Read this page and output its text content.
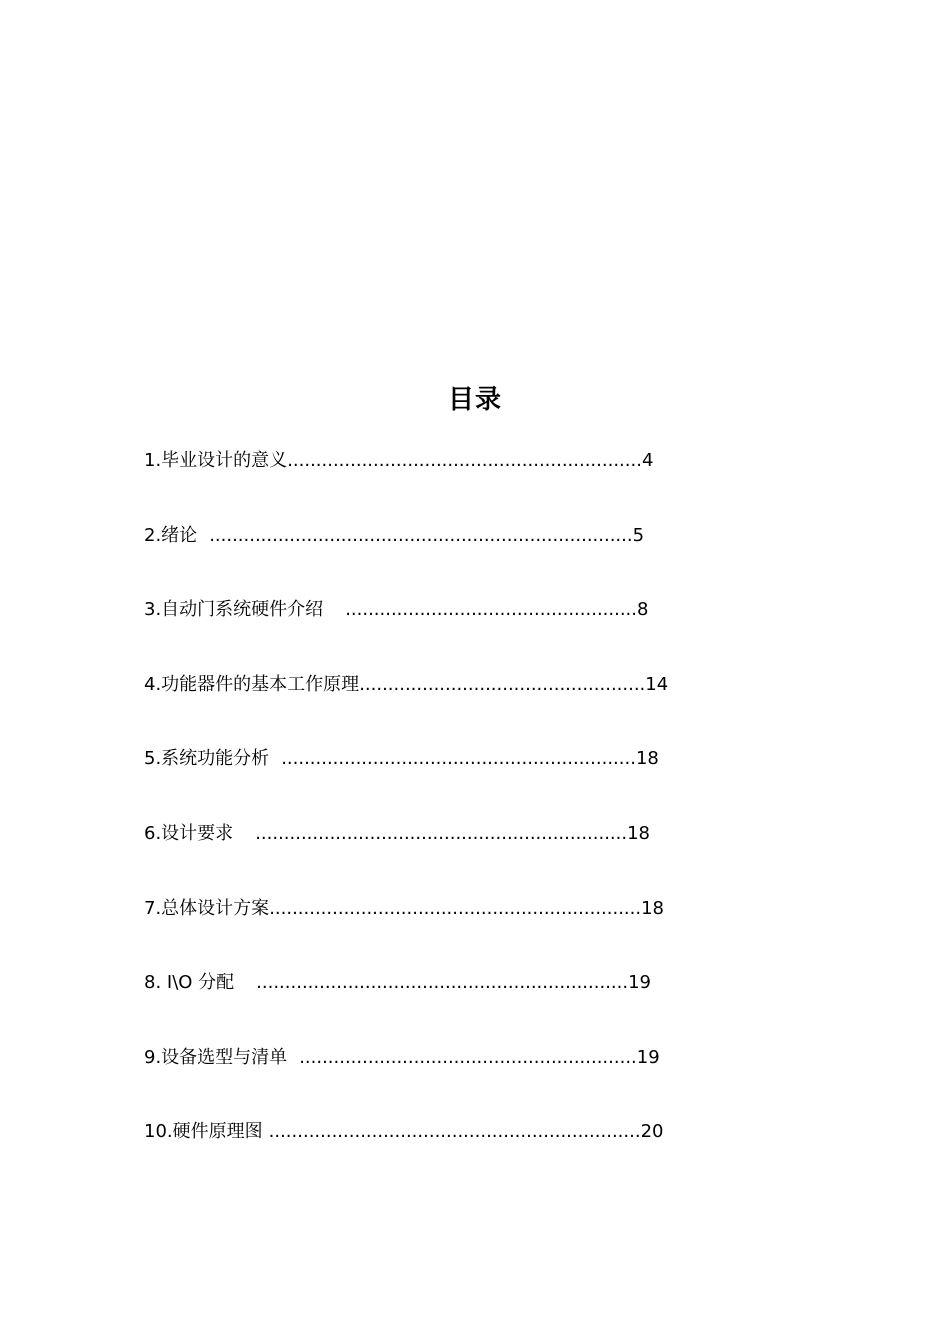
目录
1.毕业设计的意义..............................................................4
2.绪论 ..........................................................................5
3.自动门系统硬件介绍 ...................................................8
4.功能器件的基本工作原理..................................................14
5.系统功能分析 ..............................................................18
6.设计要求 .................................................................18
7.总体设计方案.................................................................18
8. I\O 分配 .................................................................19
9.设备选型与清单 ...........................................................19
10.硬件原理图 .................................................................20
